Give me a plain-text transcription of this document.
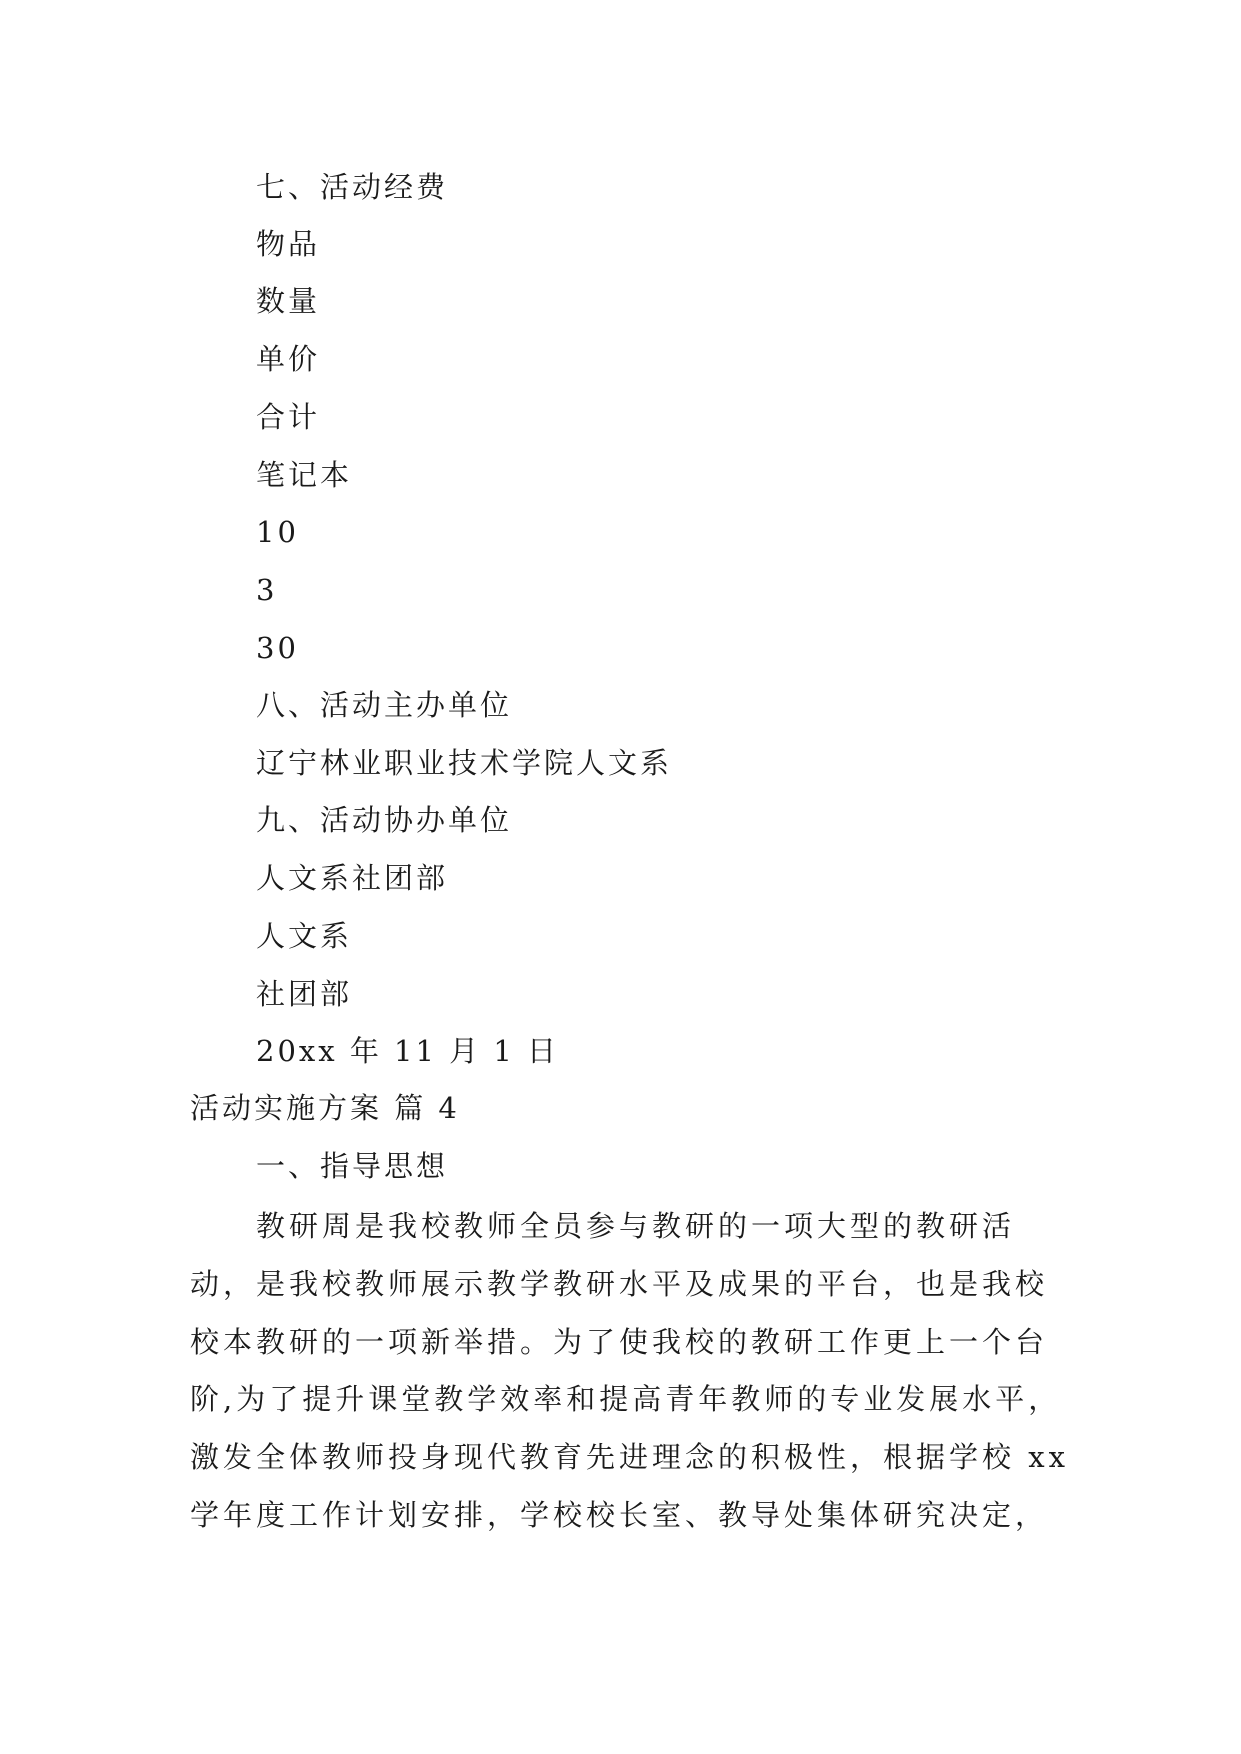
七、活动经费
物品
数量
单价
合计
笔记本
10
3
30
八、活动主办单位
辽宁林业职业技术学院人文系
九、活动协办单位
人文系社团部
人文系
社团部
20xx 年 11 月 1 日
活动实施方案 篇 4
一、指导思想
教研周是我校教师全员参与教研的一项大型的教研活
动，是我校教师展示教学教研水平及成果的平台，也是我校
校本教研的一项新举措。为了使我校的教研工作更上一个台
阶,为了提升课堂教学效率和提高青年教师的专业发展水平，
激发全体教师投身现代教育先进理念的积极性，根据学校 xx
学年度工作计划安排，学校校长室、教导处集体研究决定，
